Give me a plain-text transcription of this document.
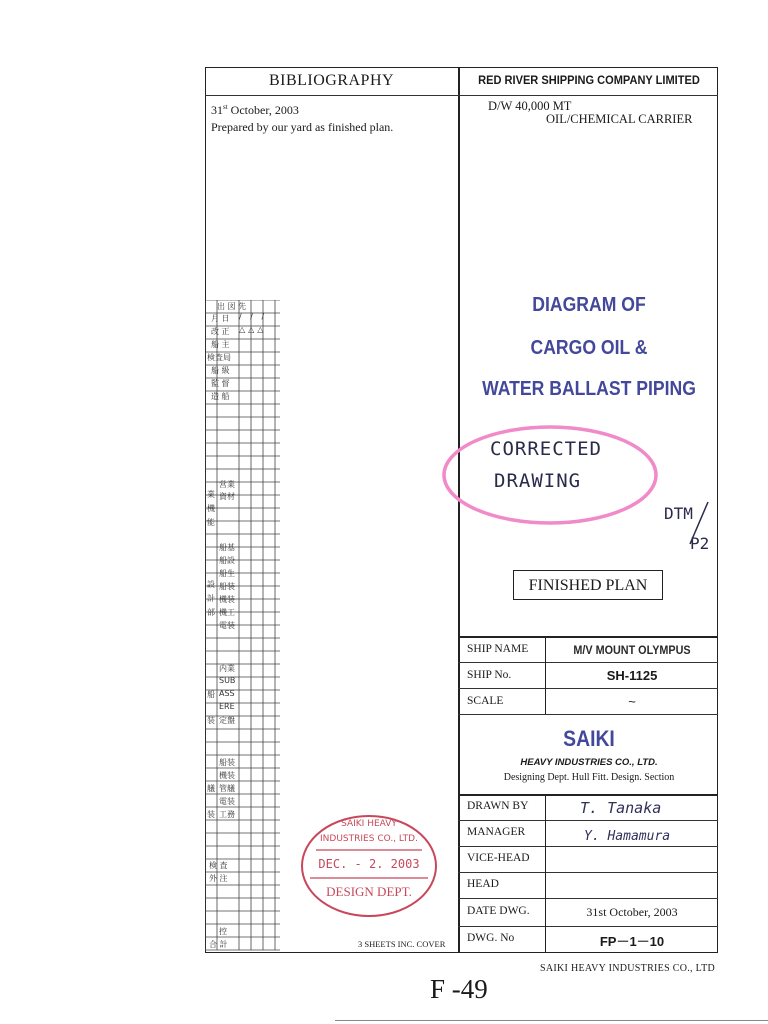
BIBLIOGRAPHY	RED RIVER SHIPPING COMPANY LIMITED
D/W 40,000 MT
OIL/CHEMICAL CARRIER
31st October, 2003
Prepared by our yard as finished plan.
出 図 先
月 日
改 正
船 主
検査局
船 級
監 督
造 船
△△△
/ / /
営業
資材
業
機
能
船基
船設
船生
船装
機装
機工
電装
設
計
部
内業
SUB
ASS
ERE
定盤
船
装
船装
機装
管艤
電装
工務
艤
装
検 査
外 注
控
合 計
DIAGRAM OF
CARGO OIL &
WATER BALLAST PIPING
CORRECTED
DRAWING
DTM
P2
FINISHED PLAN
SHIP NAME
SHIP No.
SCALE
M/V MOUNT OLYMPUS
SH-1125
~
SAIKI
HEAVY INDUSTRIES CO., LTD.
Designing Dept. Hull Fitt. Design. Section
DRAWN BY
MANAGER
VICE-HEAD
HEAD
DATE DWG.
DWG. No
T. Tanaka
Y. Hamamura
31st October, 2003
FP－1－10
SAIKI HEAVY
INDUSTRIES CO., LTD.
DEC. - 2. 2003
DESIGN DEPT.
3 SHEETS INC. COVER
SAIKI HEAVY INDUSTRIES CO., LTD
F -49
